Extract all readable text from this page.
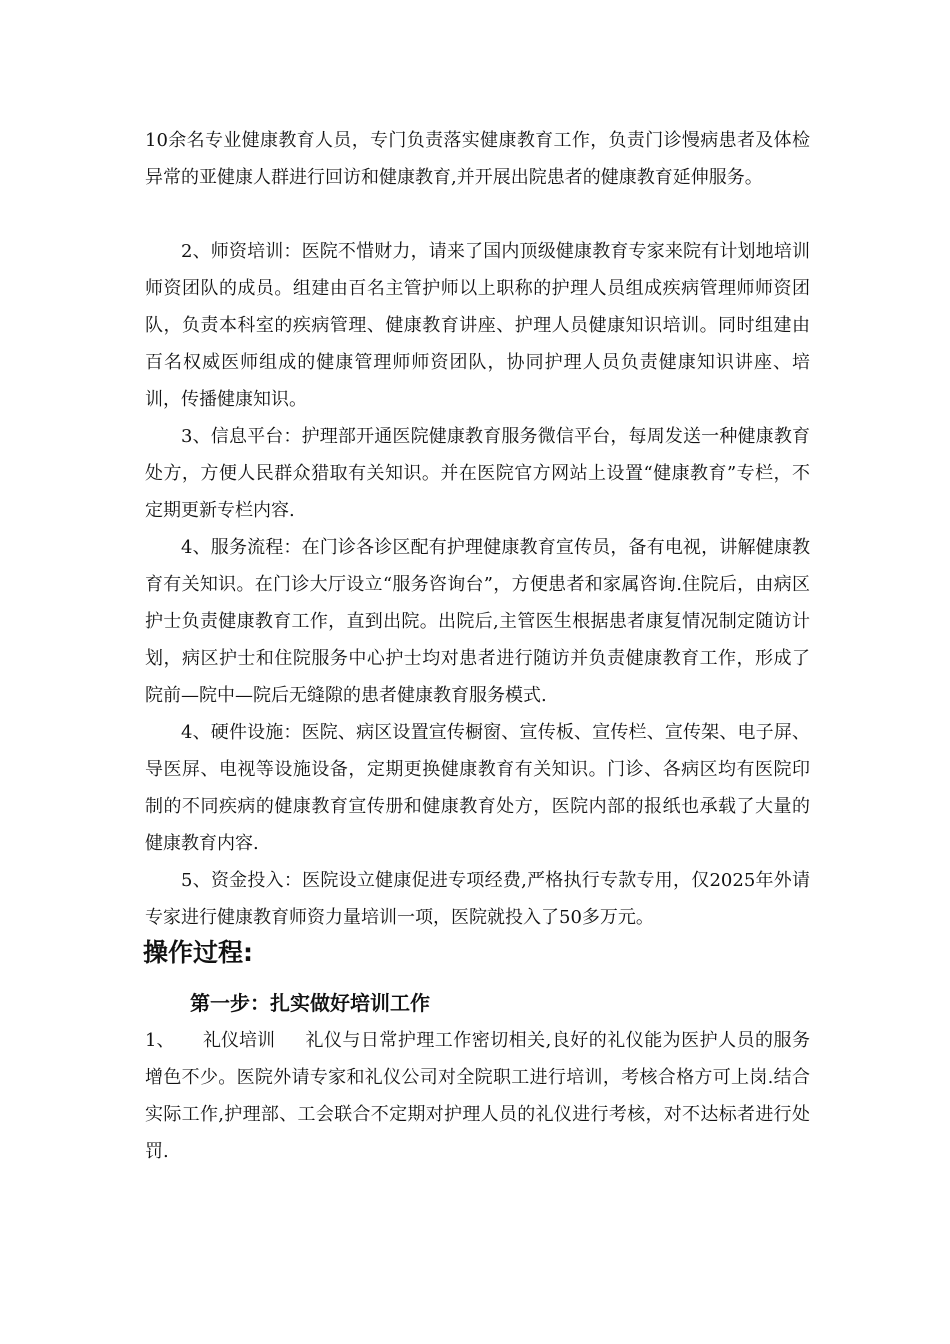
10余名专业健康教育人员，专门负责落实健康教育工作，负责门诊慢病患者及体检异常的亚健康人群进行回访和健康教育,并开展出院患者的健康教育延伸服务。

2、师资培训：医院不惜财力，请来了国内顶级健康教育专家来院有计划地培训师资团队的成员。组建由百名主管护师以上职称的护理人员组成疾病管理师师资团队，负责本科室的疾病管理、健康教育讲座、护理人员健康知识培训。同时组建由百名权威医师组成的健康管理师师资团队，协同护理人员负责健康知识讲座、培训，传播健康知识。

3、信息平台：护理部开通医院健康教育服务微信平台，每周发送一种健康教育处方，方便人民群众猎取有关知识。并在医院官方网站上设置“健康教育”专栏，不定期更新专栏内容.

4、服务流程：在门诊各诊区配有护理健康教育宣传员，备有电视，讲解健康教育有关知识。在门诊大厅设立“服务咨询台”，方便患者和家属咨询.住院后，由病区护士负责健康教育工作，直到出院。出院后,主管医生根据患者康复情况制定随访计划，病区护士和住院服务中心护士均对患者进行随访并负责健康教育工作，形成了院前—院中—院后无缝隙的患者健康教育服务模式.

4、硬件设施：医院、病区设置宣传橱窗、宣传板、宣传栏、宣传架、电子屏、导医屏、电视等设施设备，定期更换健康教育有关知识。门诊、各病区均有医院印制的不同疾病的健康教育宣传册和健康教育处方，医院内部的报纸也承载了大量的健康教育内容.

5、资金投入：医院设立健康促进专项经费,严格执行专款专用，仅2025年外请专家进行健康教育师资力量培训一项，医院就投入了50多万元。

操作过程:
第一步：扎实做好培训工作

1、 礼仪培训 礼仪与日常护理工作密切相关,良好的礼仪能为医护人员的服务增色不少。医院外请专家和礼仪公司对全院职工进行培训，考核合格方可上岗.结合实际工作,护理部、工会联合不定期对护理人员的礼仪进行考核，对不达标者进行处罚.
